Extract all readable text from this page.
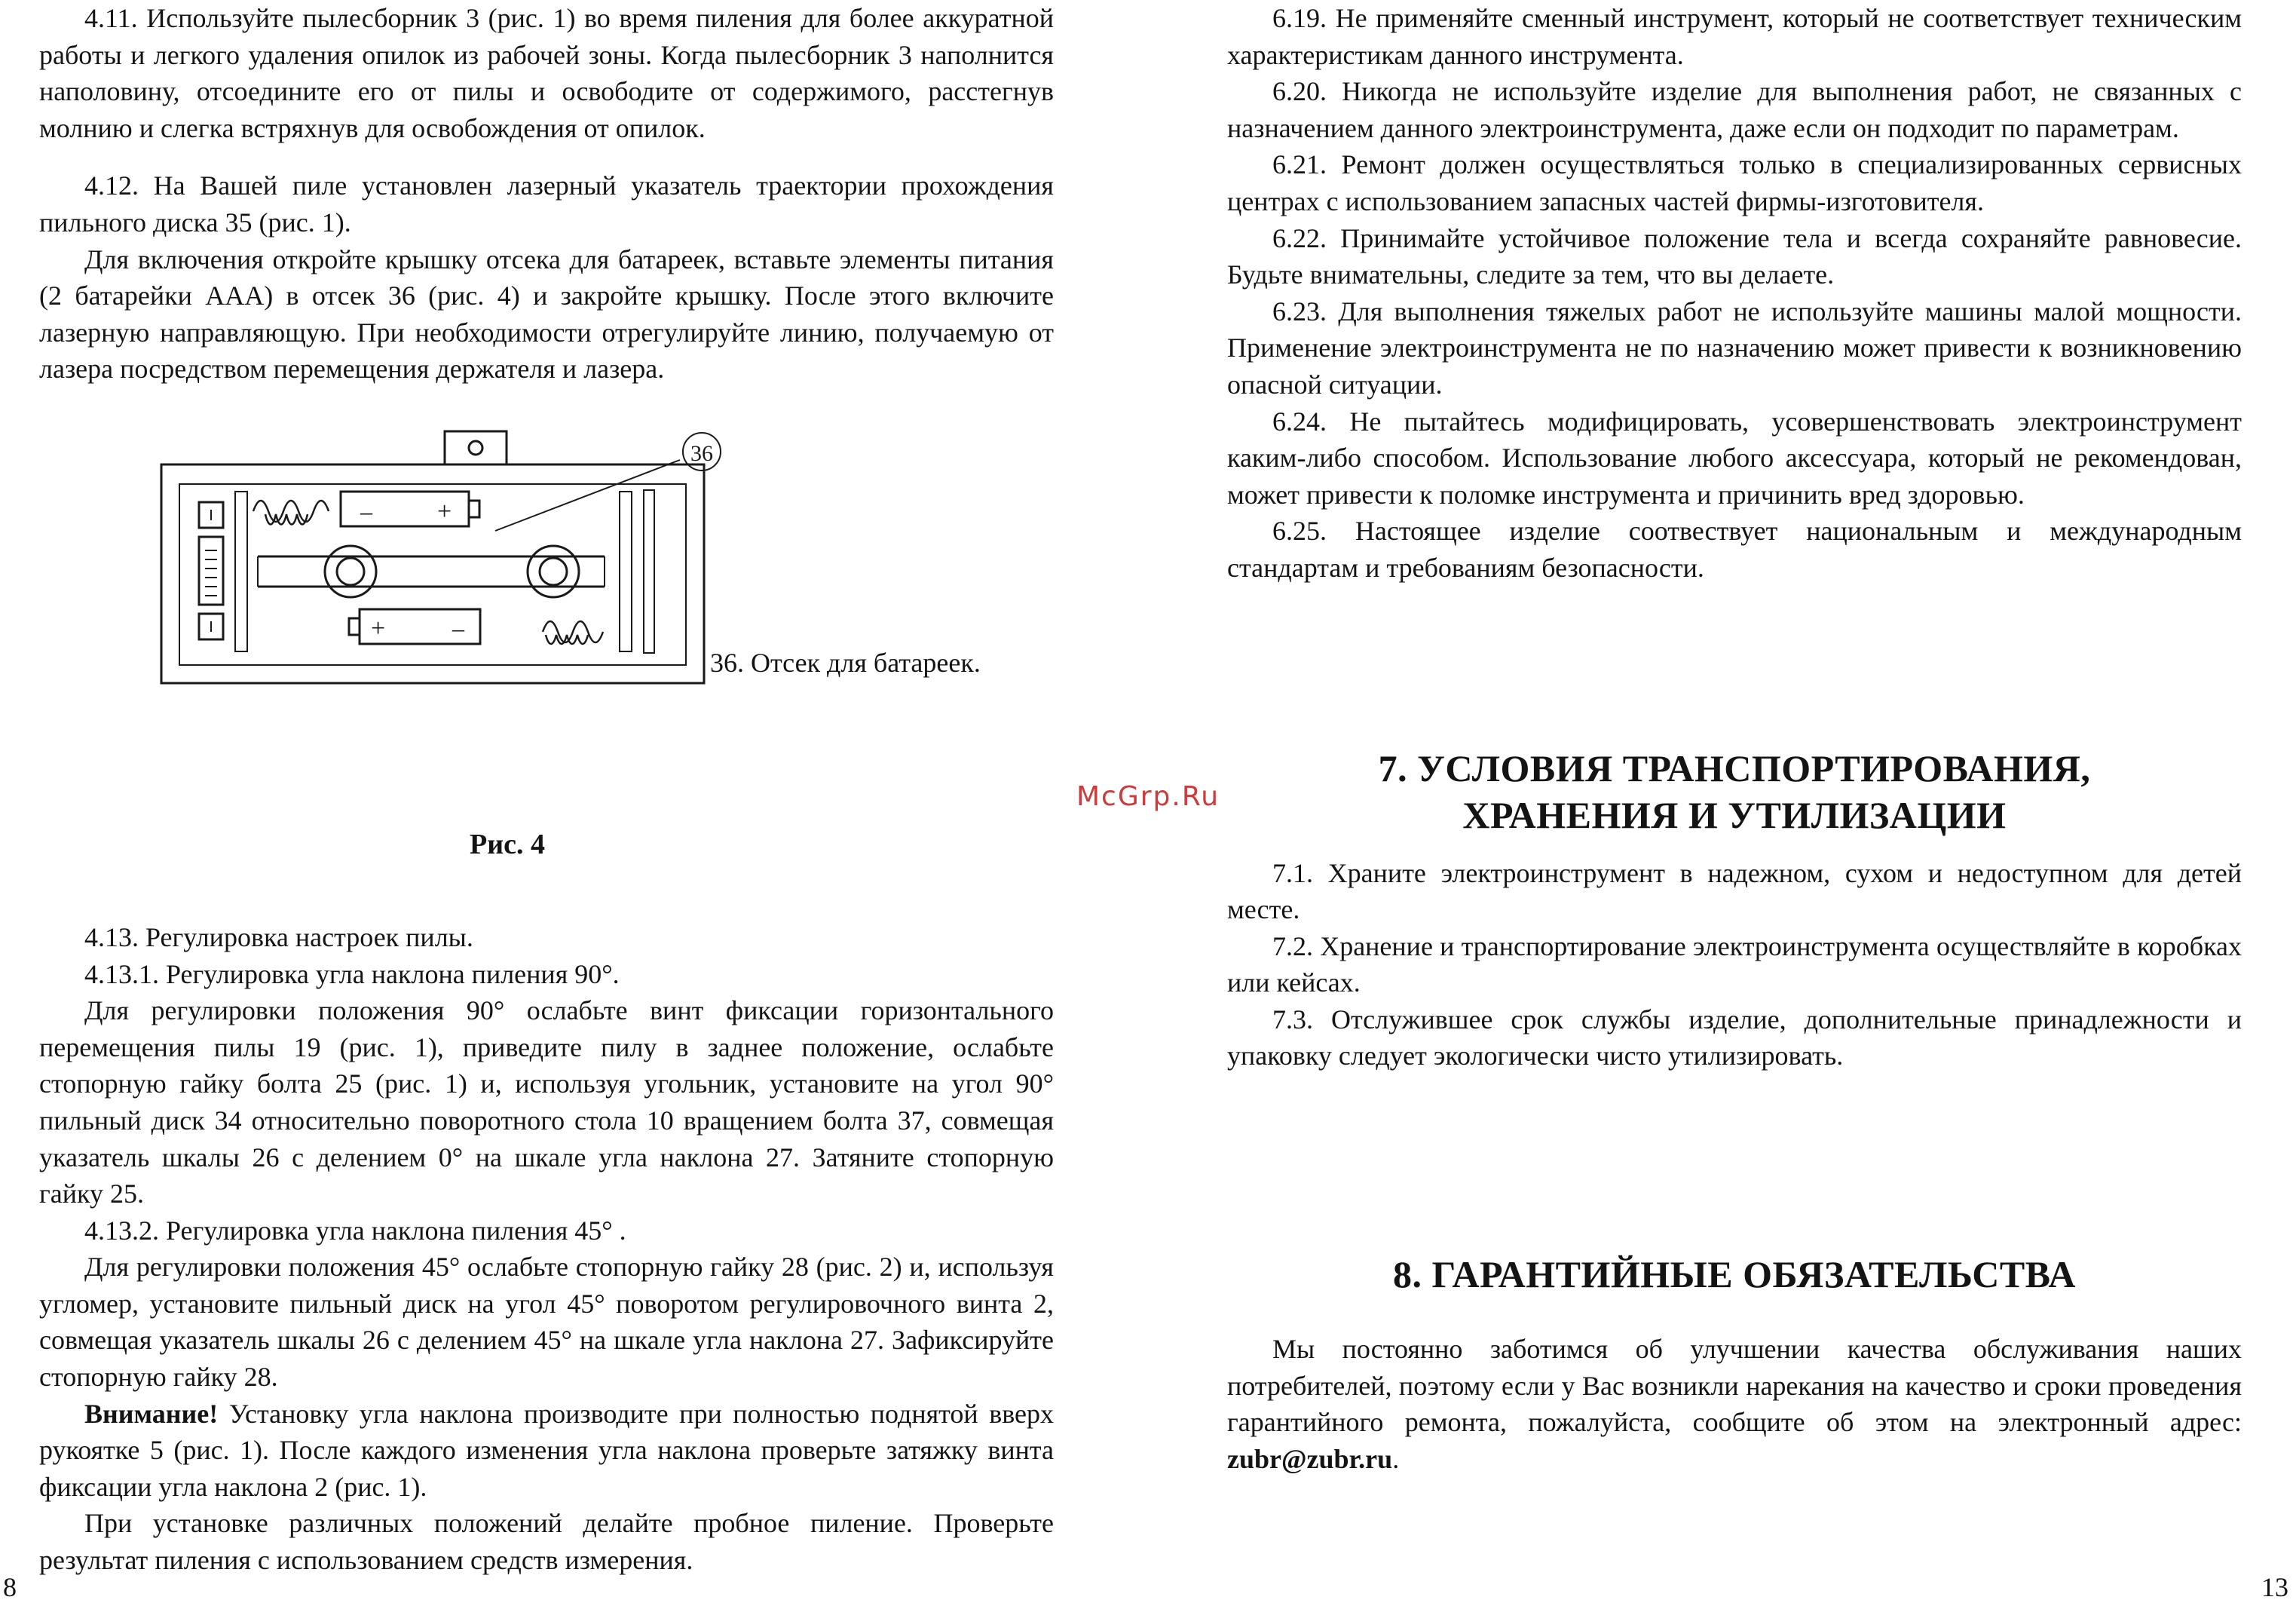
4.11. Используйте пылесборник 3 (рис. 1) во время пиления для более аккуратной работы и легкого удаления опилок из рабочей зоны. Когда пылесборник 3 наполнится наполовину, отсоедините его от пилы и освободите от содержимого, расстегнув молнию и слегка встряхнув для освобождения от опилок.

4.12. На Вашей пиле установлен лазерный указатель траектории прохождения пильного диска 35 (рис. 1).

Для включения откройте крышку отсека для батареек, вставьте элементы питания (2 батарейки ААА) в отсек 36 (рис. 4) и закройте крышку. После этого включите лазерную направляющую. При необходимости отрегулируйте линию, получаемую от лазера посредством перемещения держателя и лазера.

36
–	+
+	–

4.13. Регулировка настроек пилы.

4.13.1. Регулировка угла наклона пиления 90°.

Для регулировки положения 90° ослабьте винт фиксации горизонтального перемещения пилы 19 (рис. 1), приведите пилу в заднее положение, ослабьте стопорную гайку болта 25 (рис. 1) и, используя угольник, установите на угол 90° пильный диск 34 относительно поворотного стола 10 вращением болта 37, совмещая указатель шкалы 26 с делением 0° на шкале угла наклона 27. Затяните стопорную гайку 25.

4.13.2. Регулировка угла наклона пиления 45° .

Для регулировки положения 45° ослабьте стопорную гайку 28 (рис. 2) и, используя угломер, установите пильный диск на угол 45° поворотом регулировочного винта 2, совмещая указатель шкалы 26 с делением 45° на шкале угла наклона 27. Зафиксируйте стопорную гайку 28.

Внимание! Установку угла наклона производите при полностью поднятой вверх рукоятке 5 (рис. 1). После каждого изменения угла наклона проверьте затяжку винта фиксации угла наклона 2 (рис. 1).

При установке различных положений делайте пробное пиление. Проверьте результат пиления с использованием средств измерения.

36. Отсек для батареек.
Рис. 4

6.19. Не применяйте сменный инструмент, который не соответствует техническим характеристикам данного инструмента.

6.20. Никогда не используйте изделие для выполнения работ, не связанных с назначением данного электроинструмента, даже если он подходит по параметрам.

6.21. Ремонт должен осуществляться только в специализированных сервисных центрах с использованием запасных частей фирмы-изготовителя.

6.22. Принимайте устойчивое положение тела и всегда сохраняйте равновесие. Будьте внимательны, следите за тем, что вы делаете.

6.23. Для выполнения тяжелых работ не используйте машины малой мощности. Применение электроинструмента не по назначению может привести к возникновению опасной ситуации.

6.24. Не пытайтесь модифицировать, усовершенствовать электроинструмент каким-либо способом. Использование любого аксессуара, который не рекомендован, может привести к поломке инструмента и причинить вред здоровью.

6.25. Настоящее изделие соотвествует национальным и международным стандартам и требованиям безопасности.

7. УСЛОВИЯ ТРАНСПОРТИРОВАНИЯ,

ХРАНЕНИЯ И УТИЛИЗАЦИИ

7.1. Храните электроинструмент в надежном, сухом и недоступном для детей месте.

7.2. Хранение и транспортирование электроинструмента осуществляйте в коробках или кейсах.

7.3. Отслужившее срок службы изделие, дополнительные принадлежности и упаковку следует экологически чисто утилизировать.

8. ГАРАНТИЙНЫЕ ОБЯЗАТЕЛЬСТВА

Мы постоянно заботимся об улучшении качества обслуживания наших потребителей, поэтому если у Вас возникли нарекания на качество и сроки проведения гарантийного ремонта, пожалуйста, сообщите об этом на электронный адрес: zubr@zubr.ru.

McGrp.Ru
8	13
